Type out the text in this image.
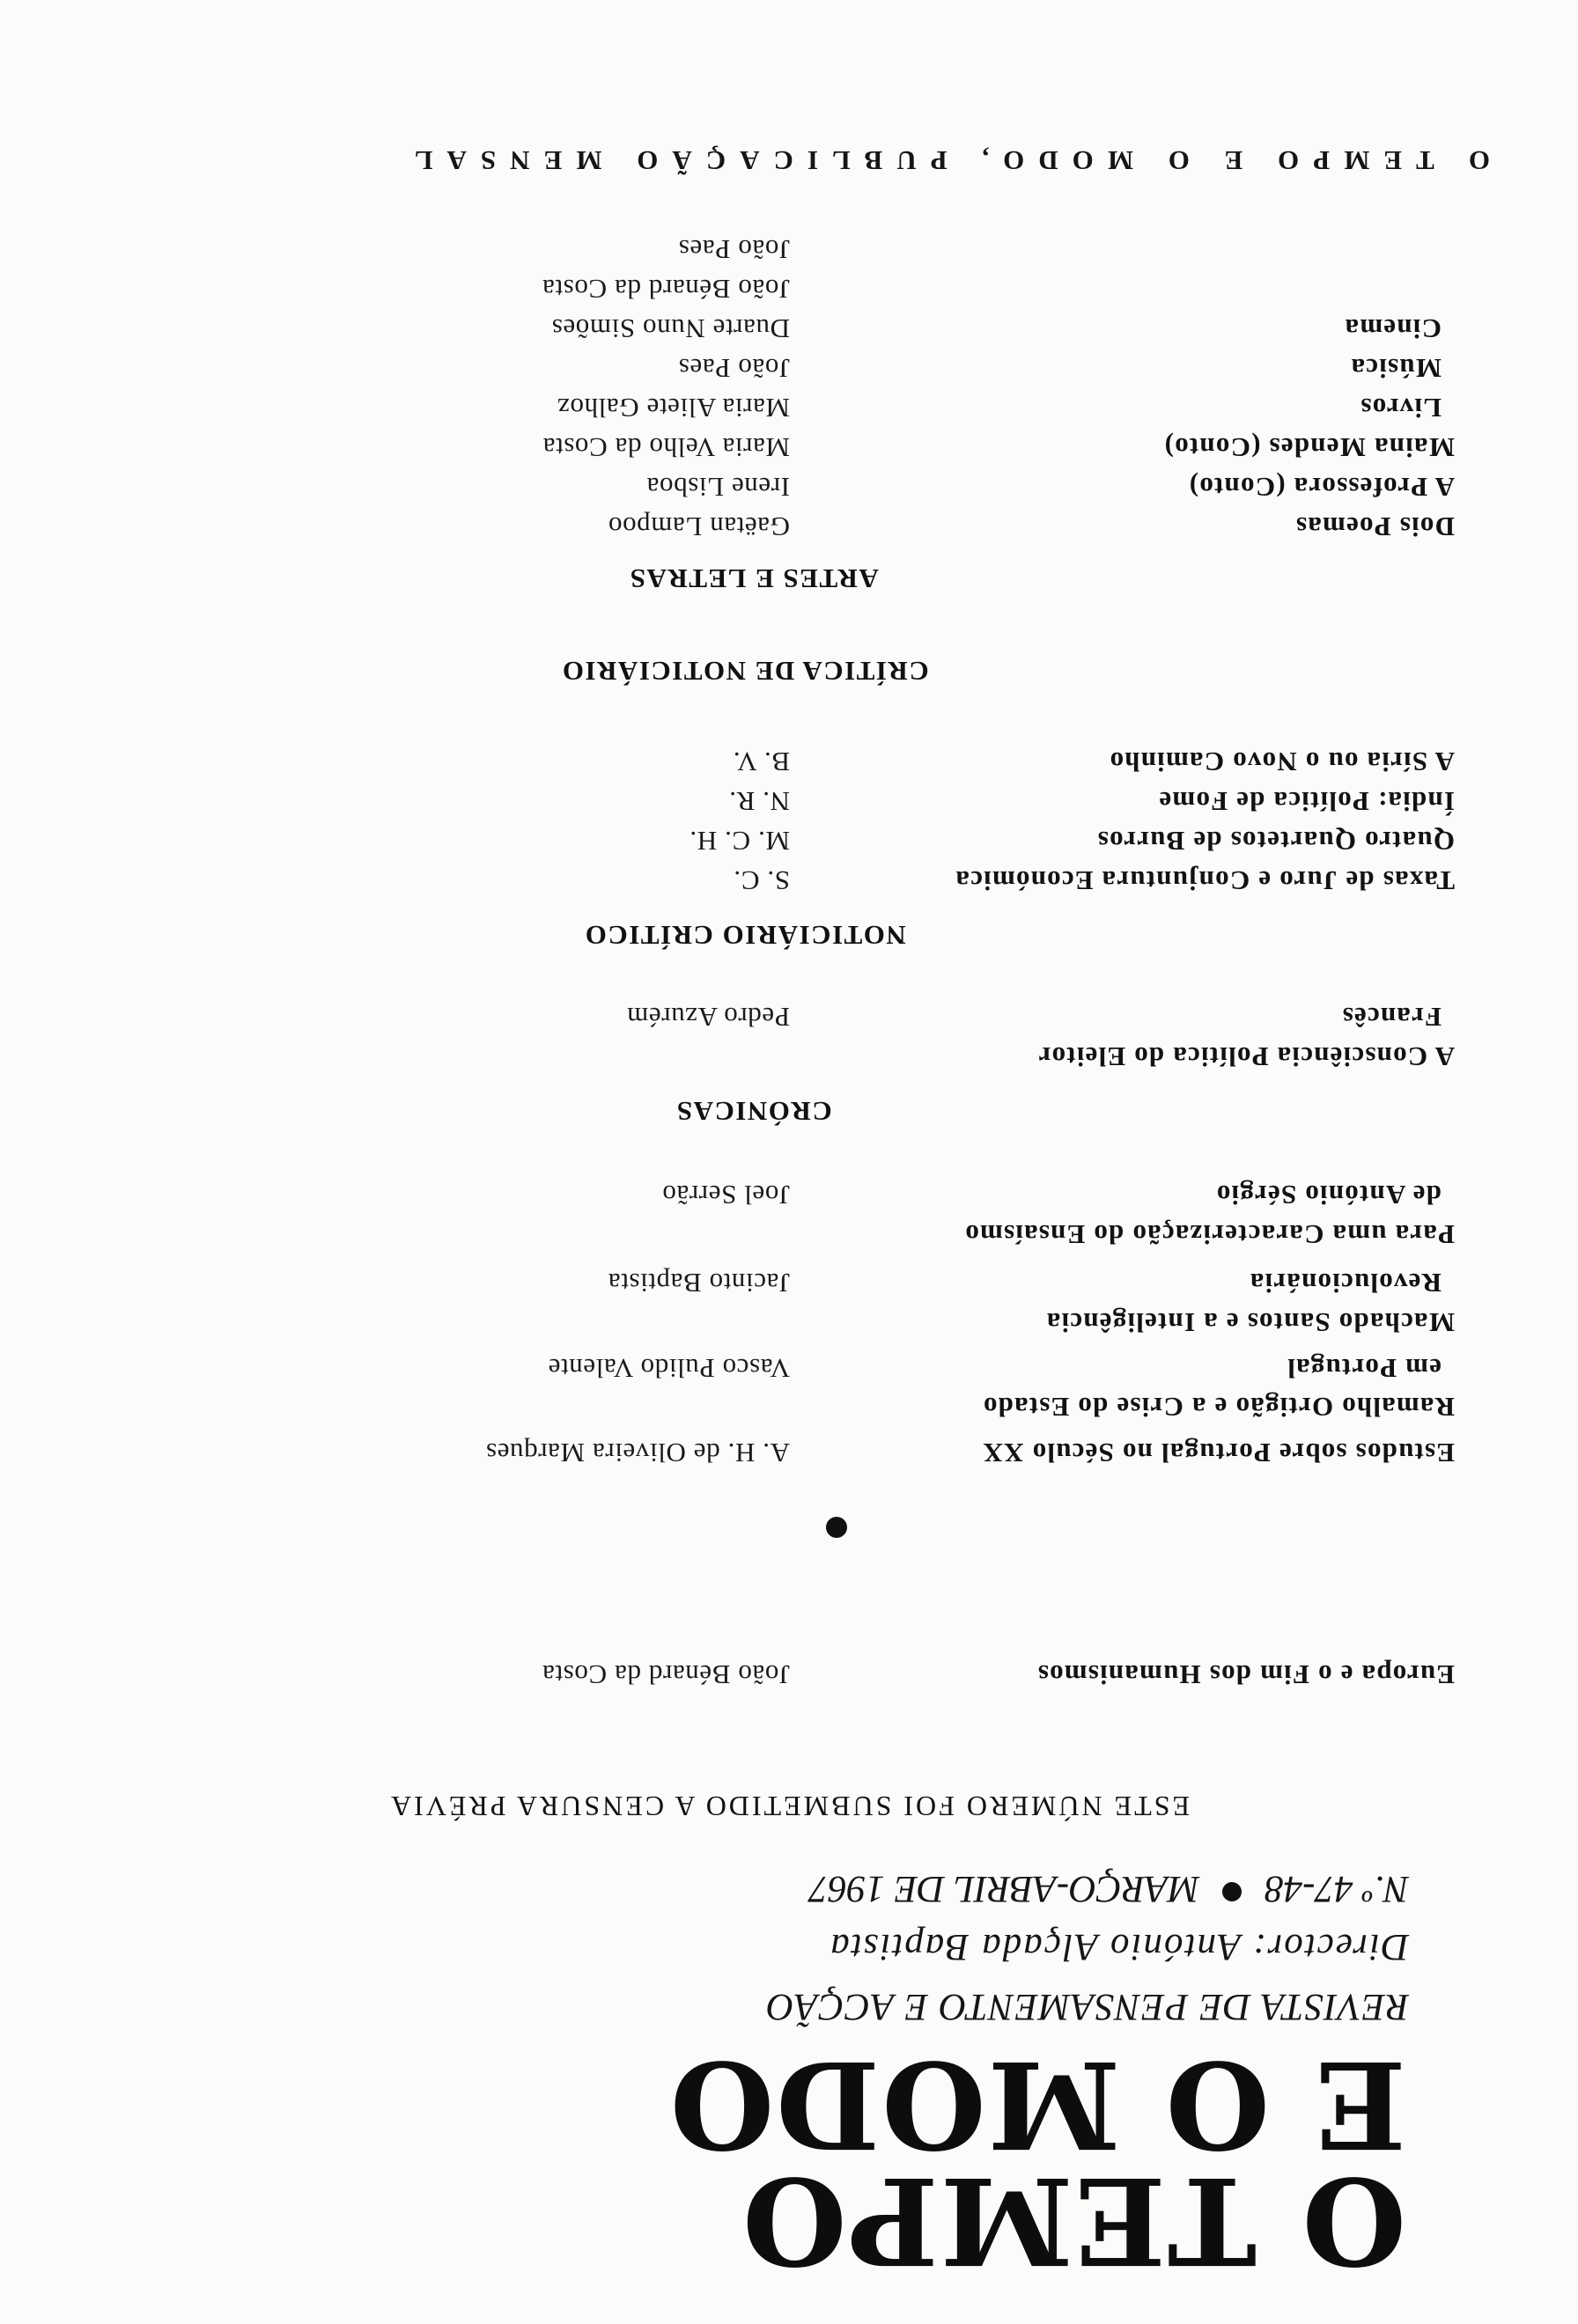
O TEMPO
E O MODO
REVISTA DE PENSAMENTO E ACÇÃO
Director: António Alçada Baptista
N.º 47-48MARÇO-ABRIL DE 1967
ESTE NÚMERO FOI SUBMETIDO A CENSURA PRÉVIA
Europa e o Fim dos Humanismos
João Bénard da Costa
Estudos sobre Portugal no Século XX
A. H. de Oliveira Marques
Ramalho Ortigão e a Crise do Estado
em Portugal
Vasco Pulido Valente
Machado Santos e a Inteligência
Revolucionária
Jacinto Baptista
Para uma Caracterização do Ensaísmo
de António Sérgio
Joel Serrão
CRÓNICAS
A Consciência Política do Eleitor
Francês
Pedro Azurém
NOTICIÁRIO CRÍTICO
Taxas de Juro e Conjuntura Económica
S. C.
Quatro Quartetos de Burros
M. C. H.
Índia: Política de Fome
N. R.
A Síria ou o Novo Caminho
B. V.
CRÍTICA DE NOTICIÁRIO
ARTES E LETRAS
Dois Poemas
Gaëtan Lampoo
A Professora (Conto)
Irene Lisboa
Maina Mendes (Conto)
Maria Velho da Costa
Livros
Maria Aliete Galhoz
Música
João Paes
Cinema
Duarte Nuno Simões
João Bénard da Costa
João Paes
O TEMPO E O MODO, PUBLICAÇÃO MENSAL
